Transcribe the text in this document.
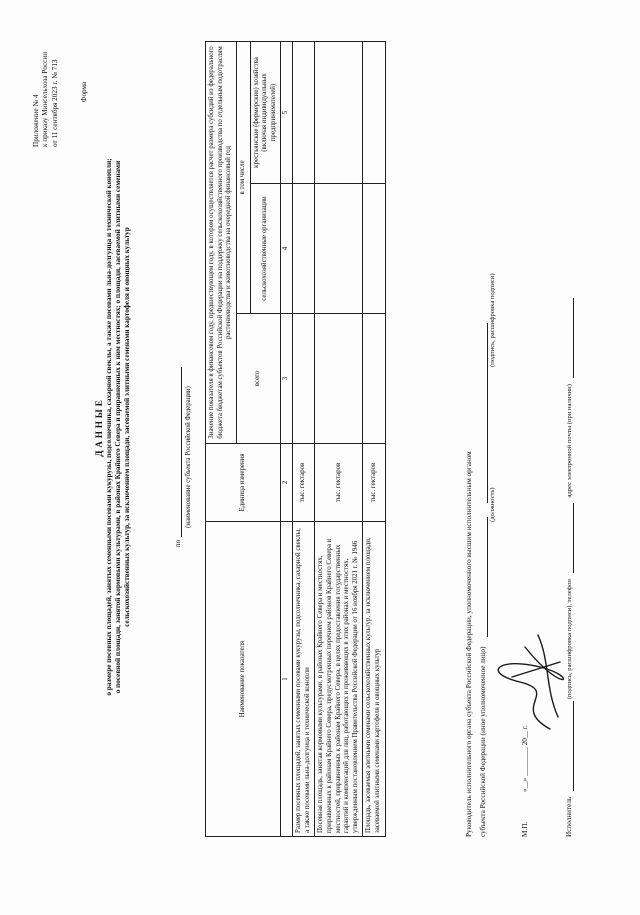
Приложение № 4 к приказу Минсельхоза России от 11 сентября 2023 г. № 713	Форма
ДАННЫЕ о размере посевных площадей, занятых семенными посевами кукурузы, подсолнечника, сахарной свеклы, а также посевами льна-долгунца и технической конопли; о посевной площади, занятой кормовыми культурами, в районах Крайнего Севера и приравненных к ним местностях; о площади, засеваемой элитными семенами сельскохозяйственных культур, за исключением площади, засеваемой элитными семенами картофеля и овощных культур	по
(наименование субъекта Российской Федерации)
Наименование показателя	Единица измерения	Значение показателя в финансовом году, предшествующем году, в котором осуществляется расчет размера субсидий из федерального бюджета бюджетам субъектов Российской Федерации на поддержку сельскохозяйственного производства по отдельным подотраслям растениеводства и животноводства на очередной финансовый год		
		всего	в том числе	
			сельскохозяйственные организации	крестьянские (фермерские) хозяйства (включая индивидуальных предпринимателей)
1	2	3	4	5
Размер посевных площадей, занятых семенными посевами кукурузы, подсолнечника, сахарной свеклы, а также посевами льна-долгунца и технической конопли	тыс. гектаров			
Посевная площадь, занятая кормовыми культурами, в районах Крайнего Севера и местностях, приравненных к районам Крайнего Севера, предусмотренных перечнем районов Крайнего Севера и местностей, приравненных к районам Крайнего Севера, в целях предоставления государственных гарантий и компенсаций для лиц, работающих и проживающих в этих районах и местностях, утвержденным постановлением Правительства Российской Федерации от 16 ноября 2021 г. № 1946	тыс. гектаров			
Площадь, засеваемая элитными семенами сельскохозяйственных культур, за исключением площади, засеваемой элитными семенами картофеля и овощных культур	тыс. гектаров				Руководитель исполнительного органа субъекта Российской Федерации, уполномоченного высшим исполнительным органом субъекта Российской Федерации (иное уполномоченное лицо)
(должность)
(подпись, расшифровка подписи)
М.П. «__» ________ 20__ г.
Исполнитель  (подпись, расшифровка подписи), телефон  адрес электронной почты (при наличии)
